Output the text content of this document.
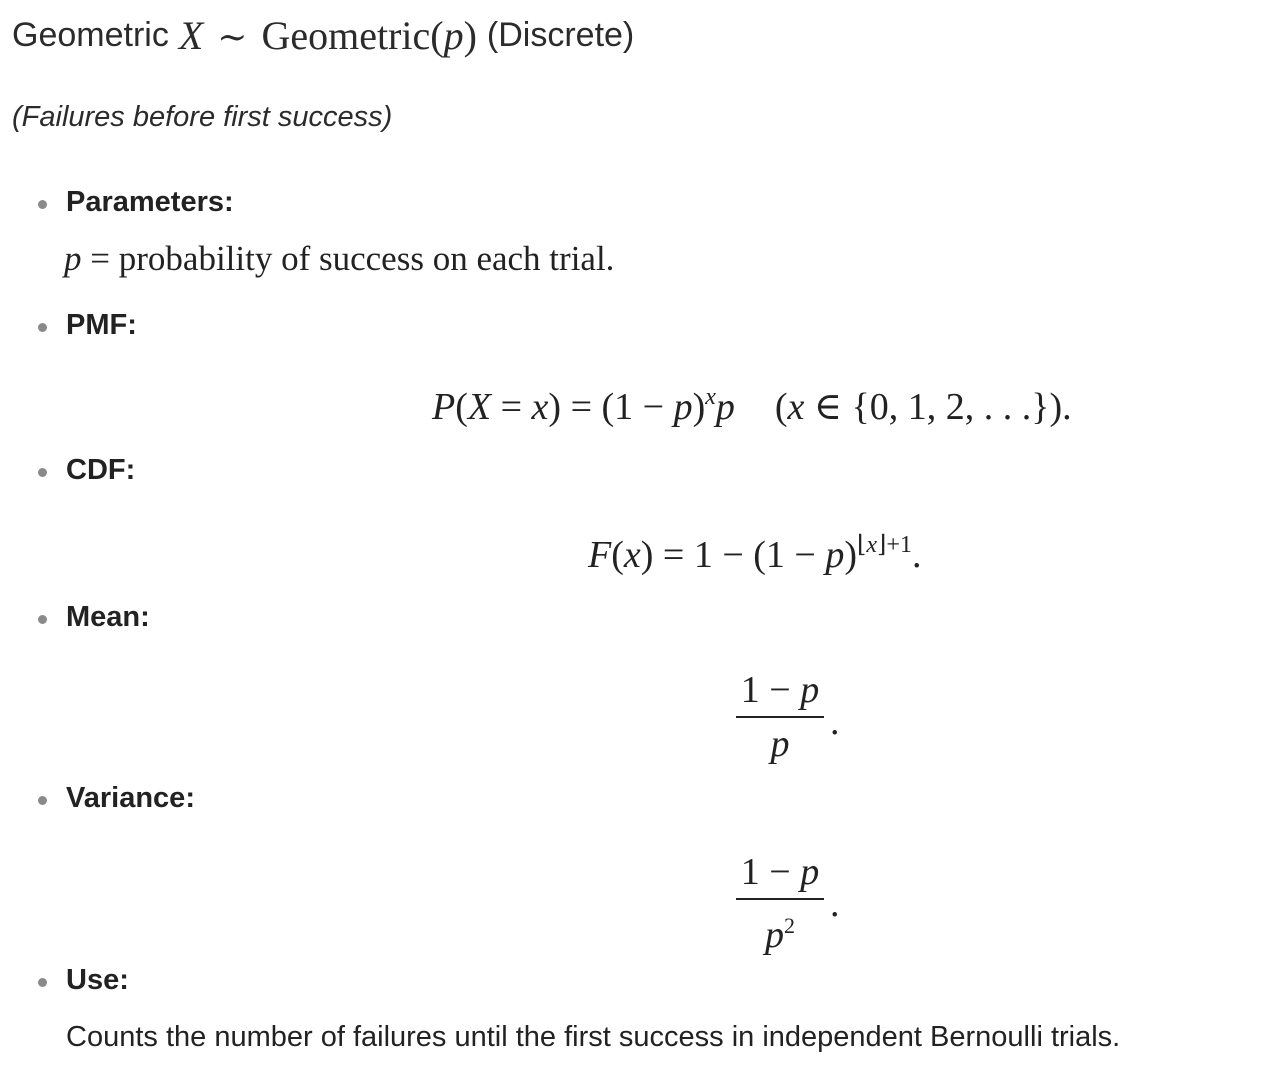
Geometric X ∼ Geometric(p) (Discrete)
(Failures before first success)
Parameters:
p = probability of success on each trial.
PMF:
$P(X = x) = (1 - p)^xp$ (x ∈ {0, 1, 2, . . .}).
CDF:
$F(x) = 1 - (1 - p)^{⌊x⌋+1}$.
Mean:
1 − p
p
.
Variance:
1 − p
$p^2$ .
Use:
Counts the number of failures until the first success in independent Bernoulli trials.
